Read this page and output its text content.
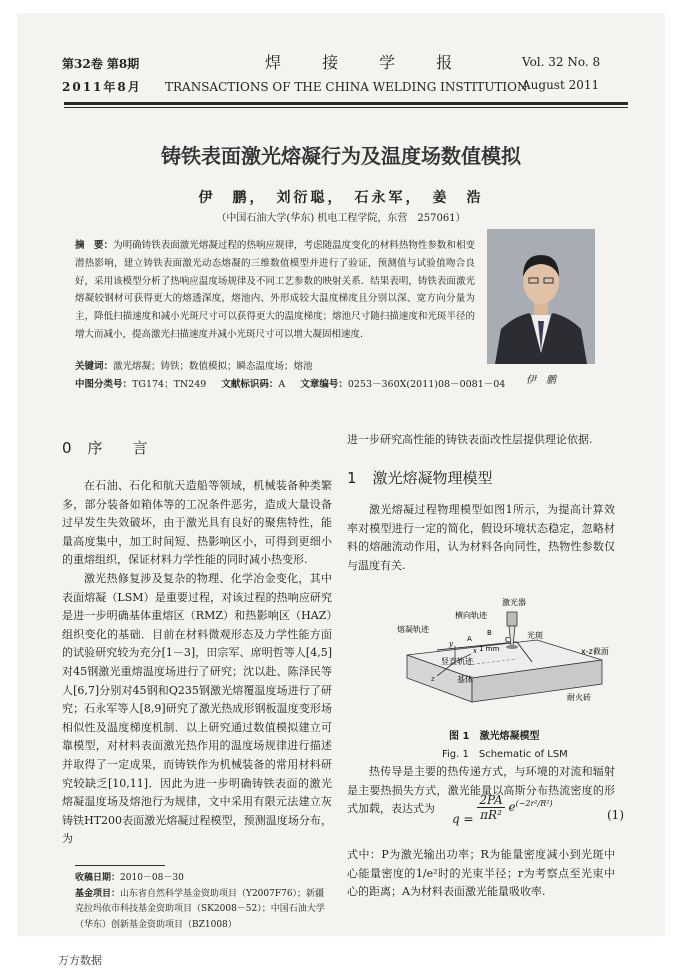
第32卷 第8期
2011年8月
焊 接 学 报
TRANSACTIONS OF THE CHINA WELDING INSTITUTION
Vol. 32 No. 8
August 2011
铸铁表面激光熔凝行为及温度场数值模拟
伊　鹏，　刘衍聪，　石永军，　姜　浩
（中国石油大学(华东) 机电工程学院，东营　257061）
摘　要：为明确铸铁表面激光熔凝过程的热响应规律，考虑随温度变化的材料热物性参数和相变潜热影响，建立铸铁表面激光动态熔凝的三维数值模型并进行了验证，预测值与试验值吻合良好，采用该模型分析了热响应温度场规律及不同工艺参数的映射关系．结果表明，铸铁表面激光熔凝较钢材可获得更大的熔透深度，熔池内、外形成较大温度梯度且分别以深、宽方向分量为主，降低扫描速度和减小光斑尺寸可以获得更大的温度梯度；熔池尺寸随扫描速度和光斑半径的增大而减小，提高激光扫描速度并减小光斑尺寸可以增大凝固相速度．
关键词：激光熔凝；铸铁；数值模拟；瞬态温度场；熔池
中图分类号：TG174；TN249 文献标识码：A 文章编号：0253－360X(2011)08－0081－04	伊　鹏
0 序　　言

在石油、石化和航天造船等领域，机械装备种类繁多，部分装备如箱体等的工况条件恶劣，造成大量设备过早发生失效破坏，由于激光具有良好的聚焦特性，能量高度集中，加工时间短、热影响区小，可得到更细小的重熔组织，保证材料力学性能的同时减小热变形.

激光热修复涉及复杂的物理、化学冶金变化，其中表面熔凝（LSM）是重要过程，对该过程的热响应研究是进一步明确基体重熔区（RMZ）和热影响区（HAZ）组织变化的基础．目前在材料微观形态及力学性能方面的试验研究较为充分[1－3]，田宗军、席明哲等人[4,5]对45钢激光重熔温度场进行了研究；沈以赴、陈泽民等人[6,7]分别对45钢和Q235钢激光熔覆温度场进行了研究；石永军等人[8,9]研究了激光热成形钢板温度变形场相似性及温度梯度机制．以上研究通过数值模拟建立可靠模型，对材料表面激光热作用的温度场规律进行描述并取得了一定成果，而铸铁作为机械装备的常用材料研究较缺乏[10,11]．因此为进一步明确铸铁表面的激光熔凝温度场及熔池行为规律，文中采用有限元法建立灰铸铁HT200表面激光熔凝过程模型，预测温度场分布，为

进一步研究高性能的铸铁表面改性层提供理论依据.
1 激光熔凝物理模型

激光熔凝过程物理模型如图1所示，为提高计算效率对模型进行一定的简化，假设环境状态稳定，忽略材料的熔融流动作用，认为材料各向同性，热物性参数仅与温度有关.

激光器
横向轨迹
熔凝轨迹
光斑
竖直轨迹
1 mm
基体
x-z截面
耐火砖
A
B
C
x
y
z
图 1　激光熔凝模型
Fig. 1　Schematic of LSM

热传导是主要的热传递方式，与环境的对流和辐射是主要热损失方式，激光能量以高斯分布热流密度的形式加载，表达式为

$q = \frac{2PA}{\text{πR²}} e^{(-2r^2/R^2)}$
(1)
式中：P为激光输出功率；R为能量密度减小到光斑中心能量密度的1/e²时的光束半径；r为考察点至光束中心的距离；A为材料表面激光能量吸收率.
收稿日期：2010－08－30
基金项目：山东省自然科学基金资助项目（Y2007F76）；新疆克拉玛依市科技基金资助项目（SK2008－52）；中国石油大学（华东）创新基金资助项目（BZ1008）
万方数据
